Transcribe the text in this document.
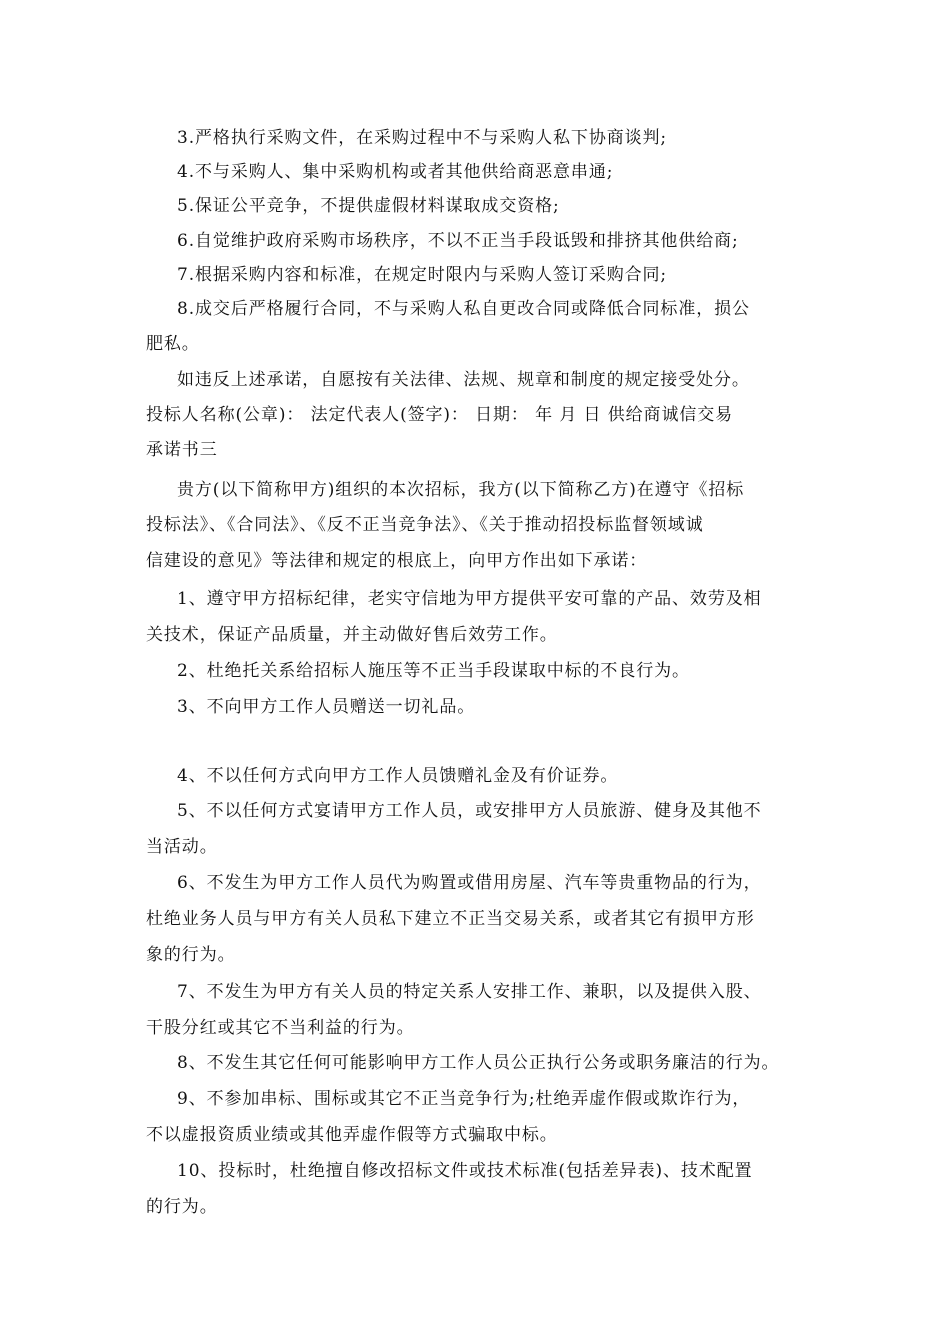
3.严格执行采购文件，在采购过程中不与采购人私下协商谈判;
4.不与采购人、集中采购机构或者其他供给商恶意串通;
5.保证公平竞争，不提供虚假材料谋取成交资格;
6.自觉维护政府采购市场秩序，不以不正当手段诋毁和排挤其他供给商;
7.根据采购内容和标准，在规定时限内与采购人签订采购合同;
8.成交后严格履行合同，不与采购人私自更改合同或降低合同标准，损公
肥私。
如违反上述承诺，自愿按有关法律、法规、规章和制度的规定接受处分。
投标人名称(公章)： 法定代表人(签字)： 日期： 年 月 日 供给商诚信交易
承诺书三
贵方(以下简称甲方)组织的本次招标，我方(以下简称乙方)在遵守《招标
投标法》、《合同法》、《反不正当竞争法》、《关于推动招投标监督领域诚
信建设的意见》等法律和规定的根底上，向甲方作出如下承诺：
1、遵守甲方招标纪律，老实守信地为甲方提供平安可靠的产品、效劳及相
关技术，保证产品质量，并主动做好售后效劳工作。
2、杜绝托关系给招标人施压等不正当手段谋取中标的不良行为。
3、不向甲方工作人员赠送一切礼品。
4、不以任何方式向甲方工作人员馈赠礼金及有价证券。
5、不以任何方式宴请甲方工作人员，或安排甲方人员旅游、健身及其他不
当活动。
6、不发生为甲方工作人员代为购置或借用房屋、汽车等贵重物品的行为，
杜绝业务人员与甲方有关人员私下建立不正当交易关系，或者其它有损甲方形
象的行为。
7、不发生为甲方有关人员的特定关系人安排工作、兼职，以及提供入股、
干股分红或其它不当利益的行为。
8、不发生其它任何可能影响甲方工作人员公正执行公务或职务廉洁的行为。
9、不参加串标、围标或其它不正当竞争行为;杜绝弄虚作假或欺诈行为，
不以虚报资质业绩或其他弄虚作假等方式骗取中标。
10、投标时，杜绝擅自修改招标文件或技术标准(包括差异表)、技术配置
的行为。
